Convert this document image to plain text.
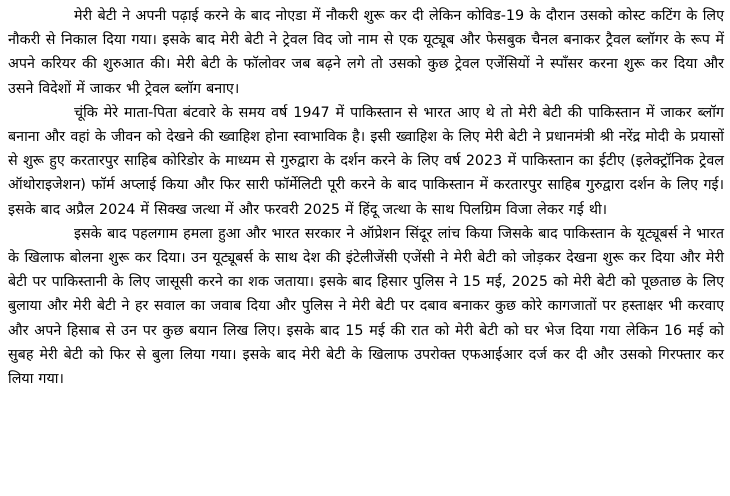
मेरी बेटी ने अपनी पढ़ाई करने के बाद नोएडा में नौकरी शुरू कर दी लेकिन कोविड-19 के दौरान उसको कोस्ट कटिंग के लिए नौकरी से निकाल दिया गया। इसके बाद मेरी बेटी ने ट्रेवल विद जो नाम से एक यूट्यूब और फेसबुक चैनल बनाकर ट्रैवल ब्लॉगर के रूप में अपने करियर की शुरुआत की। मेरी बेटी के फॉलोवर जब बढ़ने लगे तो उसको कुछ ट्रेवल एजेंसियों ने स्पॉंसर करना शुरू कर दिया और उसने विदेशों में जाकर भी ट्रेवल ब्लॉग बनाए।

चूंकि मेरे माता-पिता बंटवारे के समय वर्ष 1947 में पाकिस्तान से भारत आए थे तो मेरी बेटी की पाकिस्तान में जाकर ब्लॉग बनाना और वहां के जीवन को देखने की ख्वाहिश होना स्वाभाविक है। इसी ख्वाहिश के लिए मेरी बेटी ने प्रधानमंत्री श्री नरेंद्र मोदी के प्रयासों से शुरू हुए करतारपुर साहिब कोरिडोर के माध्यम से गुरुद्वारा के दर्शन करने के लिए वर्ष 2023 में पाकिस्तान का ईटीए (इलेक्ट्रॉनिक ट्रेवल ऑथोराइजेशन) फॉर्म अप्लाई किया और फिर सारी फॉर्मेलिटी पूरी करने के बाद पाकिस्तान में करतारपुर साहिब गुरुद्वारा दर्शन के लिए गई। इसके बाद अप्रैल 2024 में सिक्ख जत्था में और फरवरी 2025 में हिंदू जत्था के साथ पिलग्रिम विजा लेकर गई थी।

इसके बाद पहलगाम हमला हुआ और भारत सरकार ने ऑप्रेशन सिंदूर लांच किया जिसके बाद पाकिस्तान के यूट्यूबर्स ने भारत के खिलाफ बोलना शुरू कर दिया। उन यूट्यूबर्स के साथ देश की इंटेलीजेंसी एजेंसी ने मेरी बेटी को जोड़कर देखना शुरू कर दिया और मेरी बेटी पर पाकिस्तानी के लिए जासूसी करने का शक जताया। इसके बाद हिसार पुलिस ने 15 मई, 2025 को मेरी बेटी को पूछताछ के लिए बुलाया और मेरी बेटी ने हर सवाल का जवाब दिया और पुलिस ने मेरी बेटी पर दबाव बनाकर कुछ कोरे कागजातों पर हस्ताक्षर भी करवाए और अपने हिसाब से उन पर कुछ बयान लिख लिए। इसके बाद 15 मई की रात को मेरी बेटी को घर भेज दिया गया लेकिन 16 मई को सुबह मेरी बेटी को फिर से बुला लिया गया। इसके बाद मेरी बेटी के खिलाफ उपरोक्त एफआईआर दर्ज कर दी और उसको गिरफ्तार कर लिया गया।
